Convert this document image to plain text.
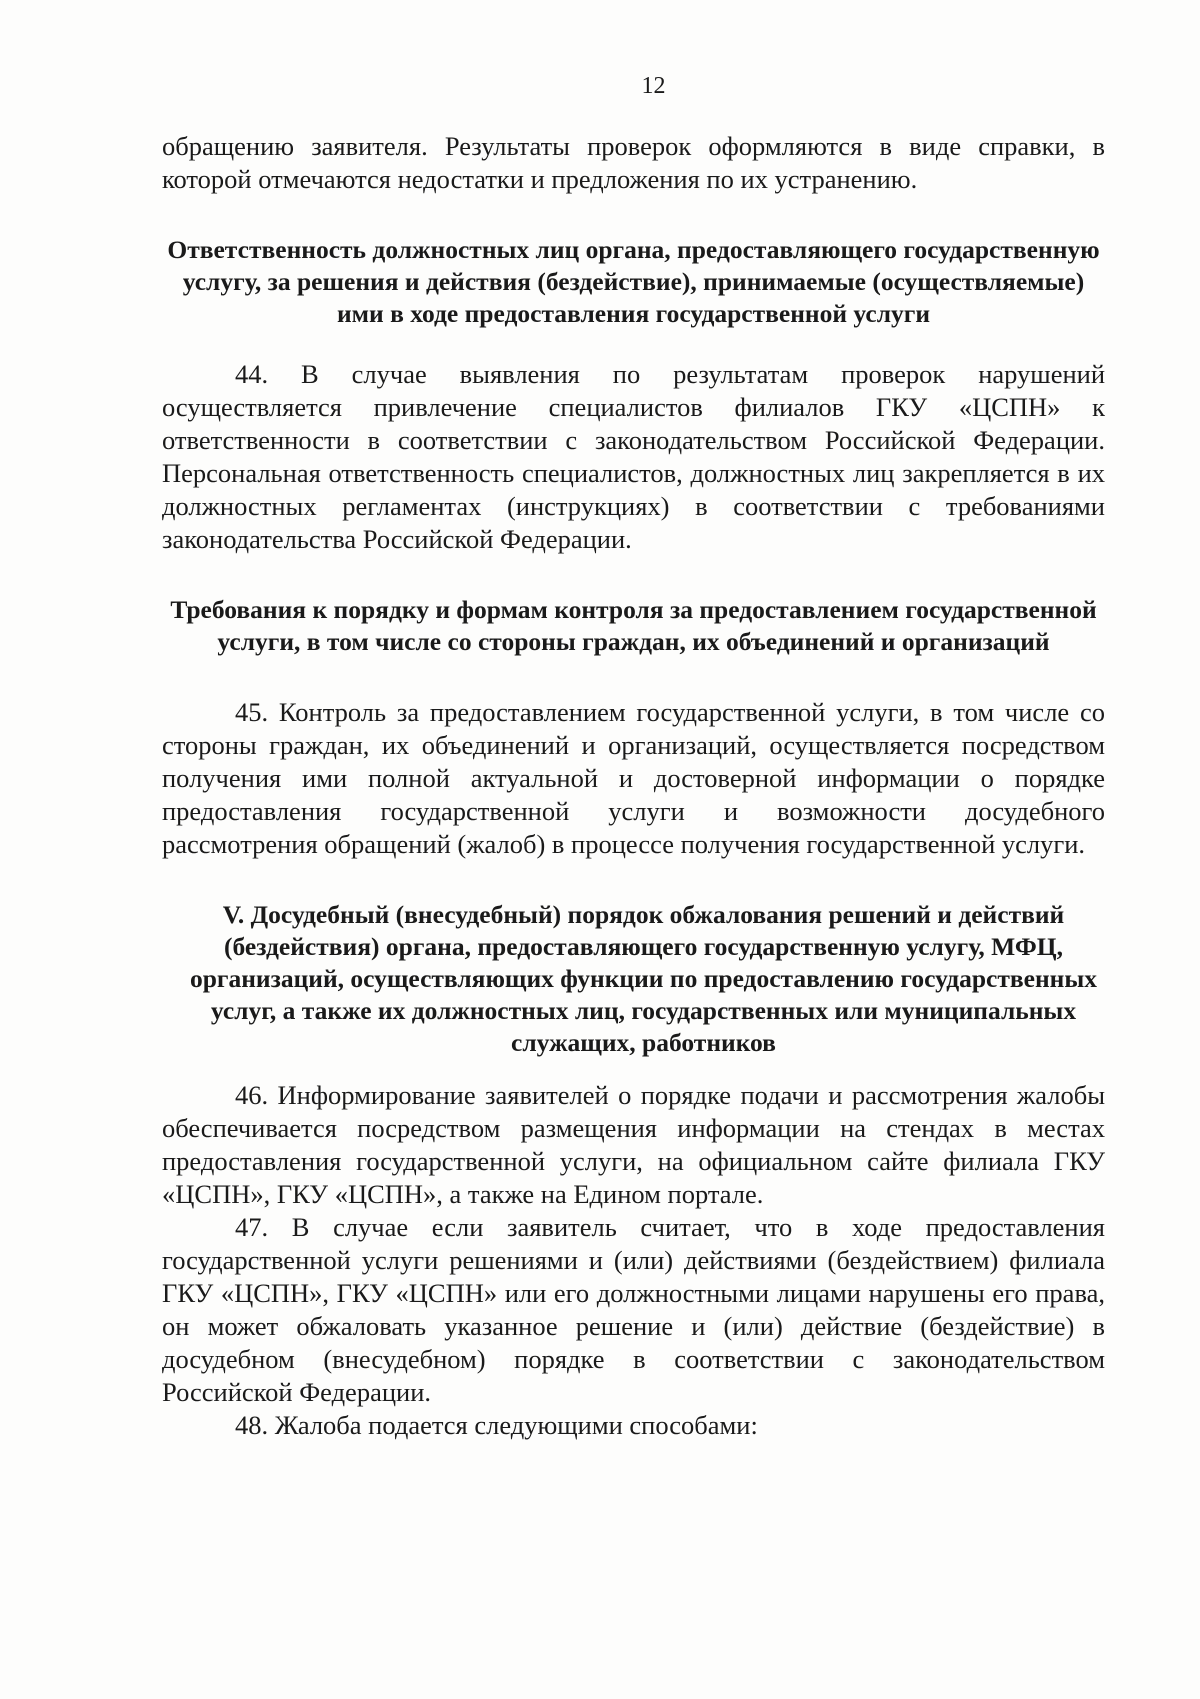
12

обращению заявителя. Результаты проверок оформляются в виде справки, в которой отмечаются недостатки и предложения по их устранению.

Ответственность должностных лиц органа, предоставляющего государственную услугу, за решения и действия (бездействие), принимаемые (осуществляемые) ими в ходе предоставления государственной услуги

44. В случае выявления по результатам проверок нарушений осуществляется привлечение специалистов филиалов ГКУ «ЦСПН» к ответственности в соответствии с законодательством Российской Федерации. Персональная ответственность специалистов, должностных лиц закрепляется в их должностных регламентах (инструкциях) в соответствии с требованиями законодательства Российской Федерации.

Требования к порядку и формам контроля за предоставлением государственной услуги, в том числе со стороны граждан, их объединений и организаций

45. Контроль за предоставлением государственной услуги, в том числе со стороны граждан, их объединений и организаций, осуществляется посредством получения ими полной актуальной и достоверной информации о порядке предоставления государственной услуги и возможности досудебного рассмотрения обращений (жалоб) в процессе получения государственной услуги.

V. Досудебный (внесудебный) порядок обжалования решений и действий (бездействия) органа, предоставляющего государственную услугу, МФЦ, организаций, осуществляющих функции по предоставлению государственных услуг, а также их должностных лиц, государственных или муниципальных служащих, работников

46. Информирование заявителей о порядке подачи и рассмотрения жалобы обеспечивается посредством размещения информации на стендах в местах предоставления государственной услуги, на официальном сайте филиала ГКУ «ЦСПН», ГКУ «ЦСПН», а также на Едином портале.

47. В случае если заявитель считает, что в ходе предоставления государственной услуги решениями и (или) действиями (бездействием) филиала ГКУ «ЦСПН», ГКУ «ЦСПН» или его должностными лицами нарушены его права, он может обжаловать указанное решение и (или) действие (бездействие) в досудебном (внесудебном) порядке в соответствии с законодательством Российской Федерации.

48. Жалоба подается следующими способами:
